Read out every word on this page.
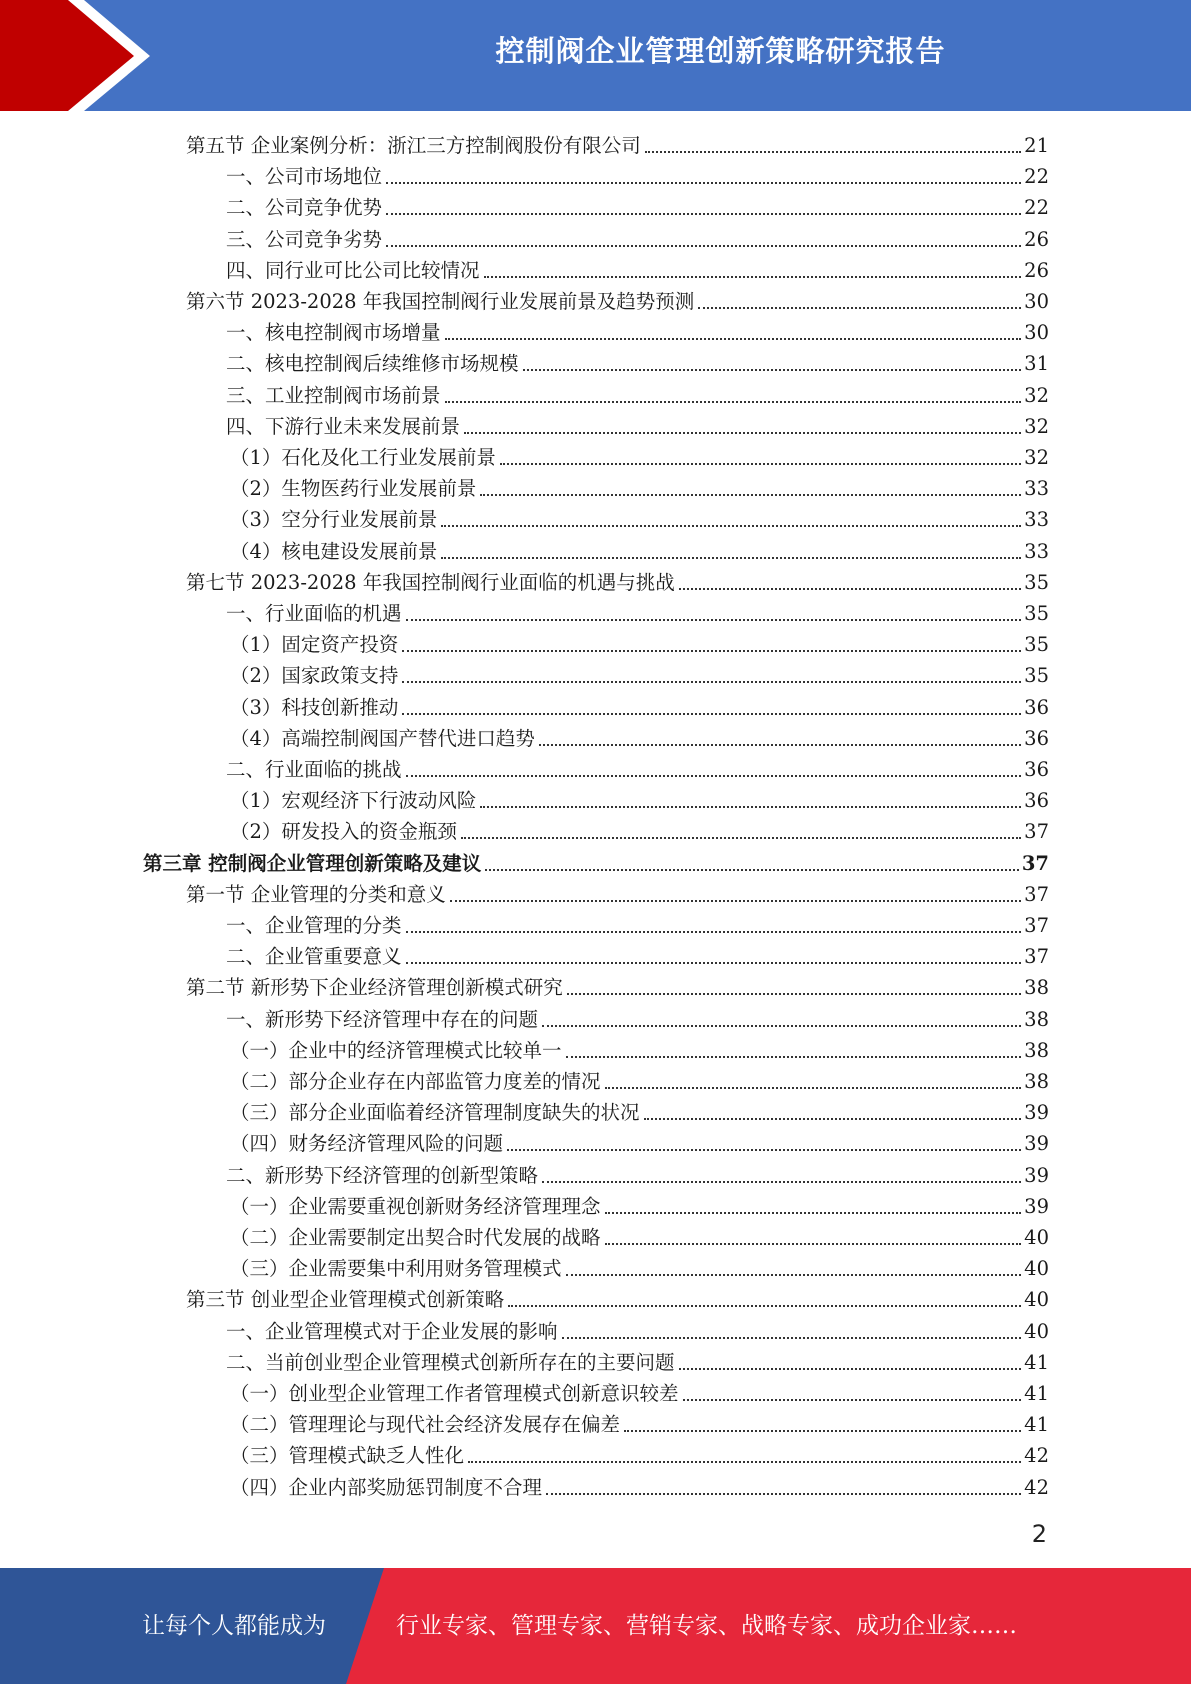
控制阀企业管理创新策略研究报告
第五节 企业案例分析：浙江三方控制阀股份有限公司	21
一、公司市场地位	22
二、公司竞争优势	22
三、公司竞争劣势	26
四、同行业可比公司比较情况	26
第六节 2023-2028 年我国控制阀行业发展前景及趋势预测	30
一、核电控制阀市场增量	30
二、核电控制阀后续维修市场规模	31
三、工业控制阀市场前景	32
四、下游行业未来发展前景	32
（1）石化及化工行业发展前景	32
（2）生物医药行业发展前景	33
（3）空分行业发展前景	33
（4）核电建设发展前景	33
第七节 2023-2028 年我国控制阀行业面临的机遇与挑战	35
一、行业面临的机遇	35
（1）固定资产投资	35
（2）国家政策支持	35
（3）科技创新推动	36
（4）高端控制阀国产替代进口趋势	36
二、行业面临的挑战	36
（1）宏观经济下行波动风险	36
（2）研发投入的资金瓶颈	37
第三章 控制阀企业管理创新策略及建议	37
第一节 企业管理的分类和意义	37
一、企业管理的分类	37
二、企业管重要意义	37
第二节 新形势下企业经济管理创新模式研究	38
一、新形势下经济管理中存在的问题	38
（一）企业中的经济管理模式比较单一	38
（二）部分企业存在内部监管力度差的情况	38
（三）部分企业面临着经济管理制度缺失的状况	39
（四）财务经济管理风险的问题	39
二、新形势下经济管理的创新型策略	39
（一）企业需要重视创新财务经济管理理念	39
（二）企业需要制定出契合时代发展的战略	40
（三）企业需要集中利用财务管理模式	40
第三节 创业型企业管理模式创新策略	40
一、企业管理模式对于企业发展的影响	40
二、当前创业型企业管理模式创新所存在的主要问题	41
（一）创业型企业管理工作者管理模式创新意识较差	41
（二）管理理论与现代社会经济发展存在偏差	41
（三）管理模式缺乏人性化	42
（四）企业内部奖励惩罚制度不合理	42
2
让每个人都能成为	行业专家、管理专家、营销专家、战略专家、成功企业家……
